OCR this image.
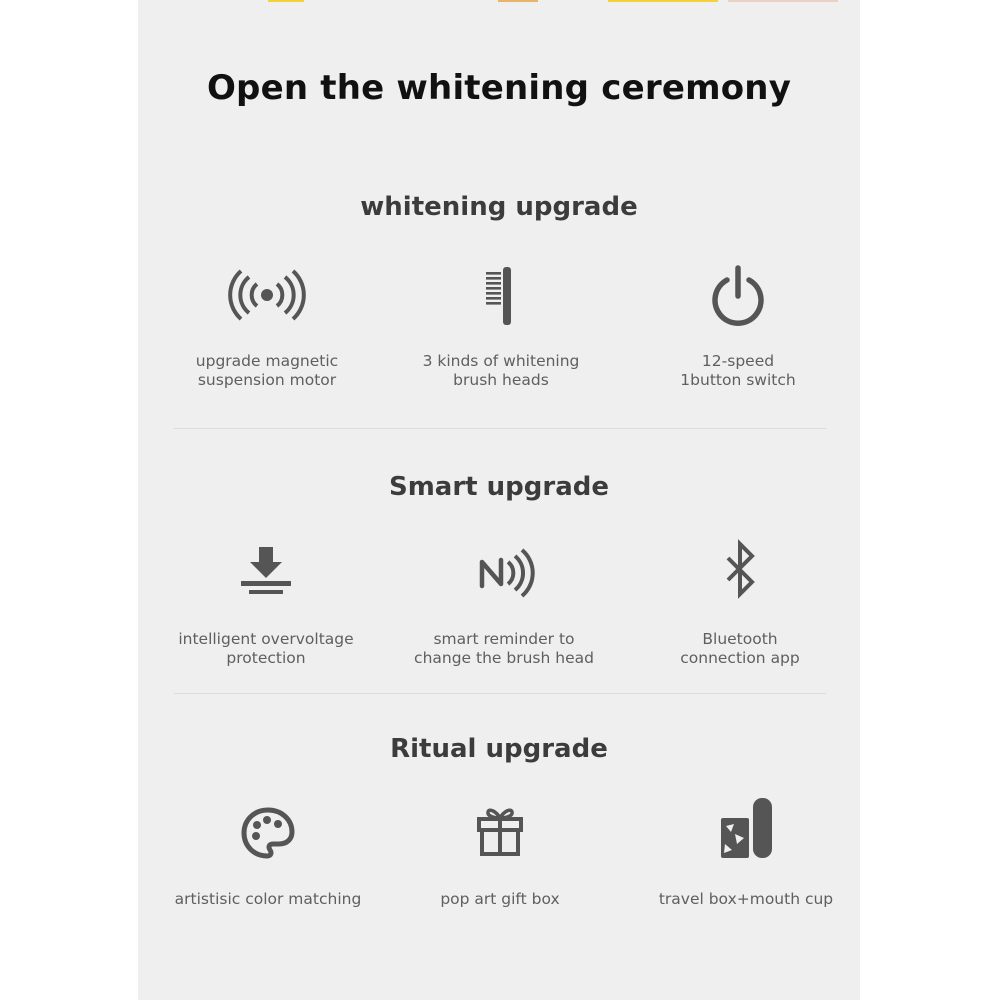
Open the whitening ceremony
whitening upgrade
upgrade magnetic
suspension motor
3 kinds of whitening
brush heads
12-speed
1button switch
Smart upgrade
intelligent overvoltage
protection
smart reminder to
change the brush head
Bluetooth
connection app
Ritual upgrade
artistisic color matching	pop art gift box	travel box+mouth cup
